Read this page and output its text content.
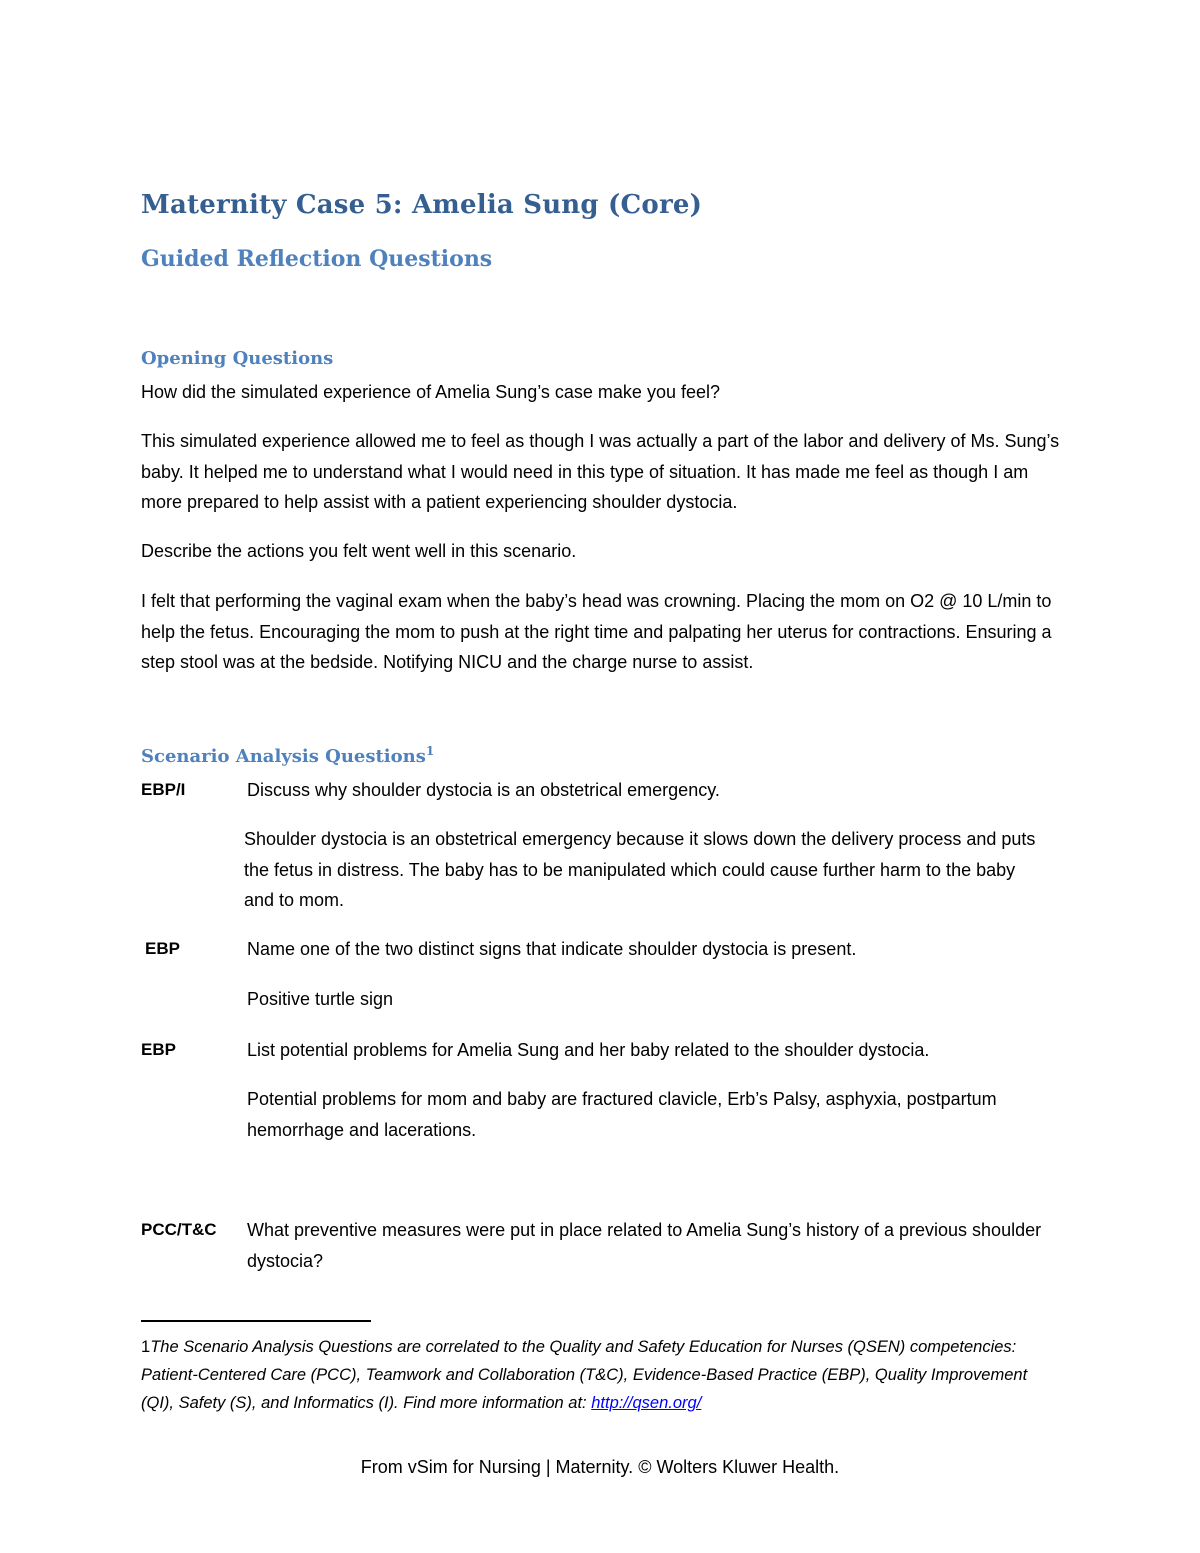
Maternity Case 5: Amelia Sung (Core)
Guided Reflection Questions
Opening Questions
How did the simulated experience of Amelia Sung’s case make you feel?
This simulated experience allowed me to feel as though I was actually a part of the labor and delivery of Ms. Sung’s baby. It helped me to understand what I would need in this type of situation. It has made me feel as though I am more prepared to help assist with a patient experiencing shoulder dystocia.
Describe the actions you felt went well in this scenario.
I felt that performing the vaginal exam when the baby’s head was crowning. Placing the mom on O2 @ 10 L/min to help the fetus. Encouraging the mom to push at the right time and palpating her uterus for contractions. Ensuring a step stool was at the bedside. Notifying NICU and the charge nurse to assist.
Scenario Analysis Questions$^1$
EBP/I	Discuss why shoulder dystocia is an obstetrical emergency.
Shoulder dystocia is an obstetrical emergency because it slows down the delivery process and puts the fetus in distress. The baby has to be manipulated which could cause further harm to the baby and to mom.
EBP	Name one of the two distinct signs that indicate shoulder dystocia is present.
Positive turtle sign
EBP	List potential problems for Amelia Sung and her baby related to the shoulder dystocia.
Potential problems for mom and baby are fractured clavicle, Erb’s Palsy, asphyxia, postpartum hemorrhage and lacerations.
PCC/T&C What preventive measures were put in place related to Amelia Sung’s history of a previous shoulder dystocia?
1The Scenario Analysis Questions are correlated to the Quality and Safety Education for Nurses (QSEN) competencies: Patient-Centered Care (PCC), Teamwork and Collaboration (T&C), Evidence-Based Practice (EBP), Quality Improvement (QI), Safety (S), and Informatics (I). Find more information at: http://qsen.org/
From vSim for Nursing | Maternity. © Wolters Kluwer Health.
